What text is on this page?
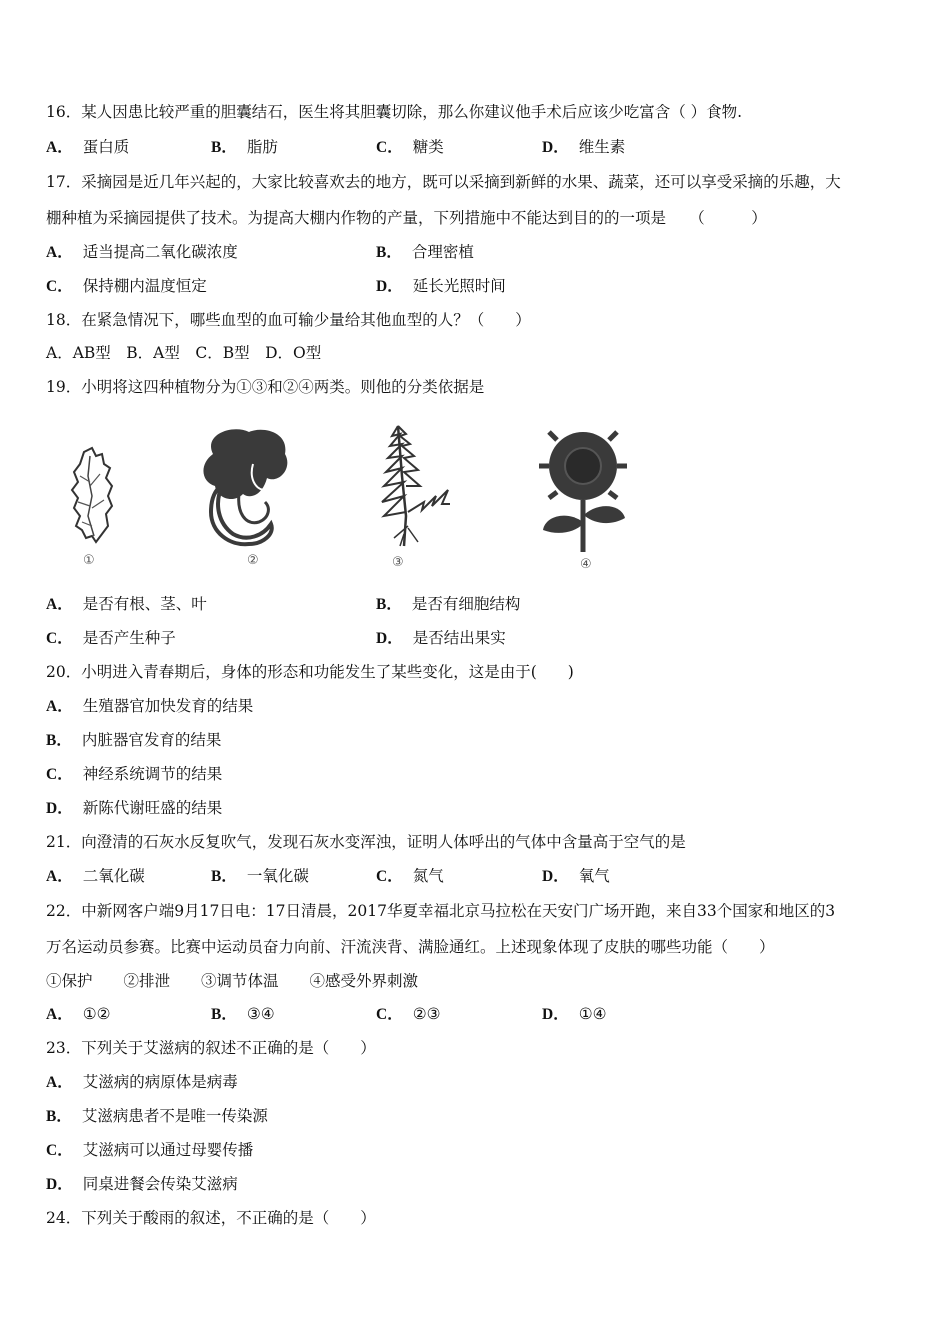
16．某人因患比较严重的胆囊结石，医生将其胆囊切除，那么你建议他手术后应该少吃富含（ ）食物.
A． 蛋白质	B． 脂肪	C． 糖类	D． 维生素
17．采摘园是近几年兴起的，大家比较喜欢去的地方，既可以采摘到新鲜的水果、蔬菜，还可以享受采摘的乐趣，大
棚种植为采摘园提供了技术。为提高大棚内作物的产量，下列措施中不能达到目的的一项是　　（　　　）
A． 适当提高二氧化碳浓度	B． 合理密植
C． 保持棚内温度恒定	D． 延长光照时间
18．在紧急情况下，哪些血型的血可输少量给其他血型的人？（　　）
A．AB型　B．A型　C．B型　D．O型
19．小明将这四种植物分为①③和②④两类。则他的分类依据是
①	②	③	④
A． 是否有根、茎、叶	B． 是否有细胞结构
C． 是否产生种子	D． 是否结出果实
20．小明进入青春期后，身体的形态和功能发生了某些变化，这是由于(　　)
A． 生殖器官加快发育的结果
B． 内脏器官发育的结果
C． 神经系统调节的结果
D． 新陈代谢旺盛的结果
21．向澄清的石灰水反复吹气，发现石灰水变浑浊，证明人体呼出的气体中含量高于空气的是
A． 二氧化碳	B． 一氧化碳	C． 氮气	D． 氧气
22．中新网客户端9月17日电：17日清晨，2017华夏幸福北京马拉松在天安门广场开跑，来自33个国家和地区的3
万名运动员参赛。比赛中运动员奋力向前、汗流浃背、满脸通红。上述现象体现了皮肤的哪些功能（　　）
①保护　　②排泄　　③调节体温　　④感受外界刺激
A． ①②	B． ③④	C． ②③	D． ①④
23．下列关于艾滋病的叙述不正确的是（　　）
A． 艾滋病的病原体是病毒
B． 艾滋病患者不是唯一传染源
C． 艾滋病可以通过母婴传播
D． 同桌进餐会传染艾滋病
24．下列关于酸雨的叙述，不正确的是（　　）
